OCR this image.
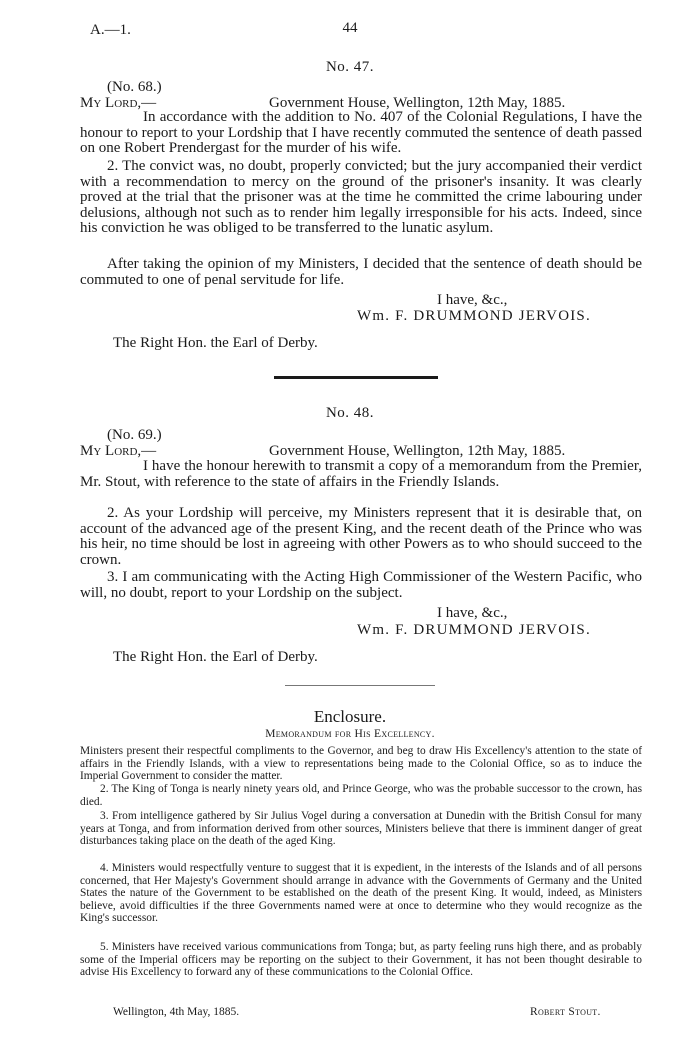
A.—1.	44
No. 47.
(No. 68.)
My Lord,—	Government House, Wellington, 12th May, 1885.

In accordance with the addition to No. 407 of the Colonial Regulations, I have the honour to report to your Lordship that I have recently commuted the sentence of death passed on one Robert Prendergast for the murder of his wife.

2. The convict was, no doubt, properly convicted; but the jury accompanied their verdict with a recommendation to mercy on the ground of the prisoner's insanity. It was clearly proved at the trial that the prisoner was at the time he committed the crime labouring under delusions, although not such as to render him legally irresponsible for his acts. Indeed, since his conviction he was obliged to be transferred to the lunatic asylum.

After taking the opinion of my Ministers, I decided that the sentence of death should be commuted to one of penal servitude for life.

I have, &c.,
Wm. F. DRUMMOND JERVOIS.
The Right Hon. the Earl of Derby.
No. 48.
(No. 69.)
My Lord,—	Government House, Wellington, 12th May, 1885.

I have the honour herewith to transmit a copy of a memorandum from the Premier, Mr. Stout, with reference to the state of affairs in the Friendly Islands.

2. As your Lordship will perceive, my Ministers represent that it is desirable that, on account of the advanced age of the present King, and the recent death of the Prince who was his heir, no time should be lost in agreeing with other Powers as to who should succeed to the crown.

3. I am communicating with the Acting High Commissioner of the Western Pacific, who will, no doubt, report to your Lordship on the subject.

I have, &c.,
Wm. F. DRUMMOND JERVOIS.
The Right Hon. the Earl of Derby.
Enclosure.
Memorandum for His Excellency.

Ministers present their respectful compliments to the Governor, and beg to draw His Excellency's attention to the state of affairs in the Friendly Islands, with a view to representations being made to the Colonial Office, so as to induce the Imperial Government to consider the matter.

2. The King of Tonga is nearly ninety years old, and Prince George, who was the probable successor to the crown, has died.

3. From intelligence gathered by Sir Julius Vogel during a conversation at Dunedin with the British Consul for many years at Tonga, and from information derived from other sources, Ministers believe that there is imminent danger of great disturbances taking place on the death of the aged King.

4. Ministers would respectfully venture to suggest that it is expedient, in the interests of the Islands and of all persons concerned, that Her Majesty's Government should arrange in advance with the Governments of Germany and the United States the nature of the Government to be established on the death of the present King. It would, indeed, as Ministers believe, avoid difficulties if the three Governments named were at once to determine who they would recognize as the King's successor.

5. Ministers have received various communications from Tonga; but, as party feeling runs high there, and as probably some of the Imperial officers may be reporting on the subject to their Government, it has not been thought desirable to advise His Excellency to forward any of these communications to the Colonial Office.

Wellington, 4th May, 1885.	Robert Stout.
